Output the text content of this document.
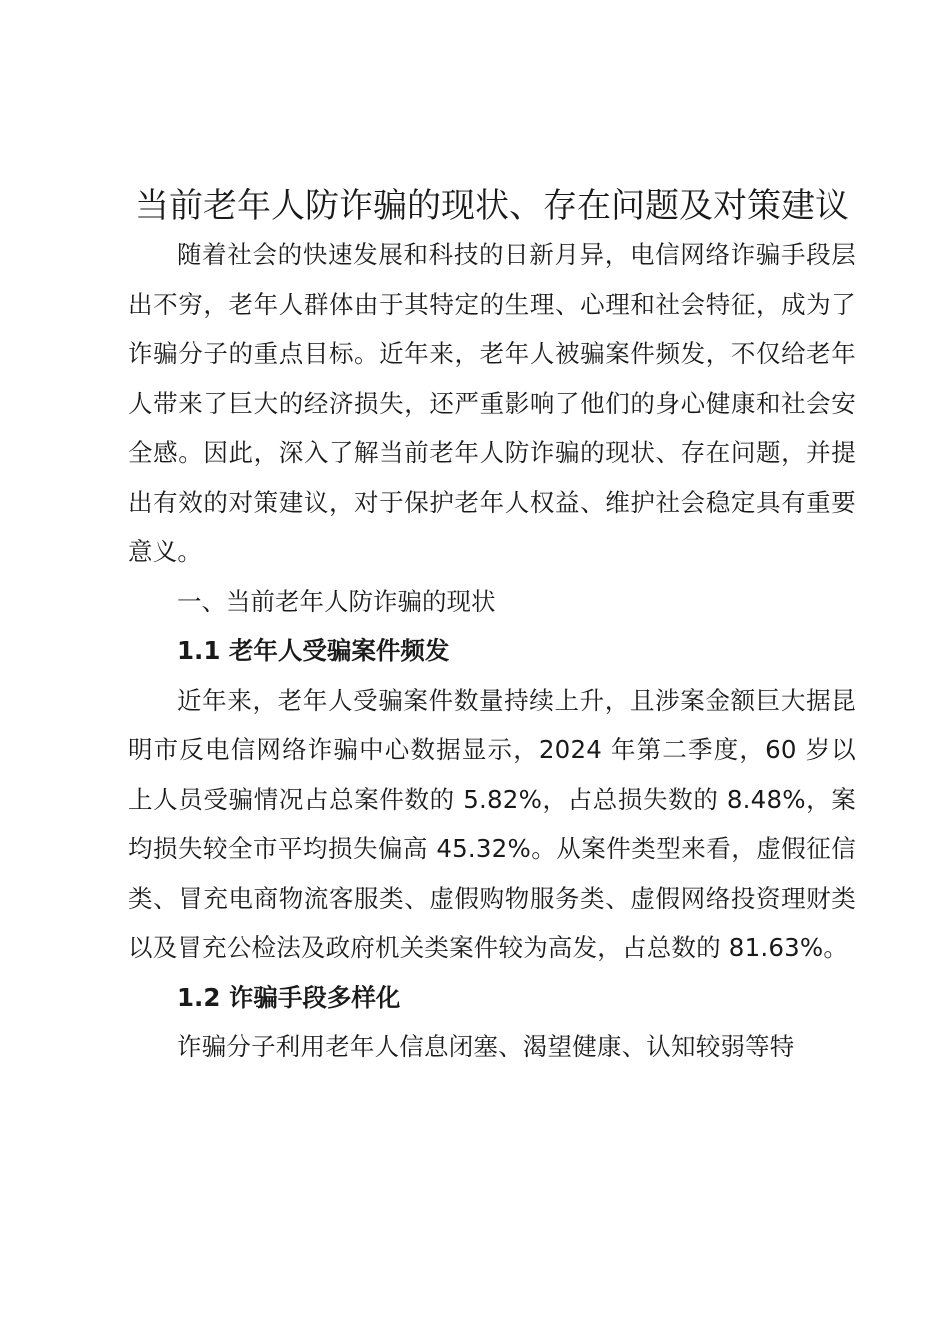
当前老年人防诈骗的现状、存在问题及对策建议

随着社会的快速发展和科技的日新月异，电信网络诈骗手段层出不穷，老年人群体由于其特定的生理、心理和社会特征，成为了诈骗分子的重点目标。近年来，老年人被骗案件频发，不仅给老年人带来了巨大的经济损失，还严重影响了他们的身心健康和社会安全感。因此，深入了解当前老年人防诈骗的现状、存在问题，并提出有效的对策建议，对于保护老年人权益、维护社会稳定具有重要意义。

一、当前老年人防诈骗的现状

1.1 老年人受骗案件频发

近年来，老年人受骗案件数量持续上升，且涉案金额巨大据昆明市反电信网络诈骗中心数据显示，2024 年第二季度，60 岁以上人员受骗情况占总案件数的 5.82%，占总损失数的 8.48%，案均损失较全市平均损失偏高 45.32%。从案件类型来看，虚假征信类、冒充电商物流客服类、虚假购物服务类、虚假网络投资理财类以及冒充公检法及政府机关类案件较为高发，占总数的 81.63%。

1.2 诈骗手段多样化

诈骗分子利用老年人信息闭塞、渴望健康、认知较弱等特
